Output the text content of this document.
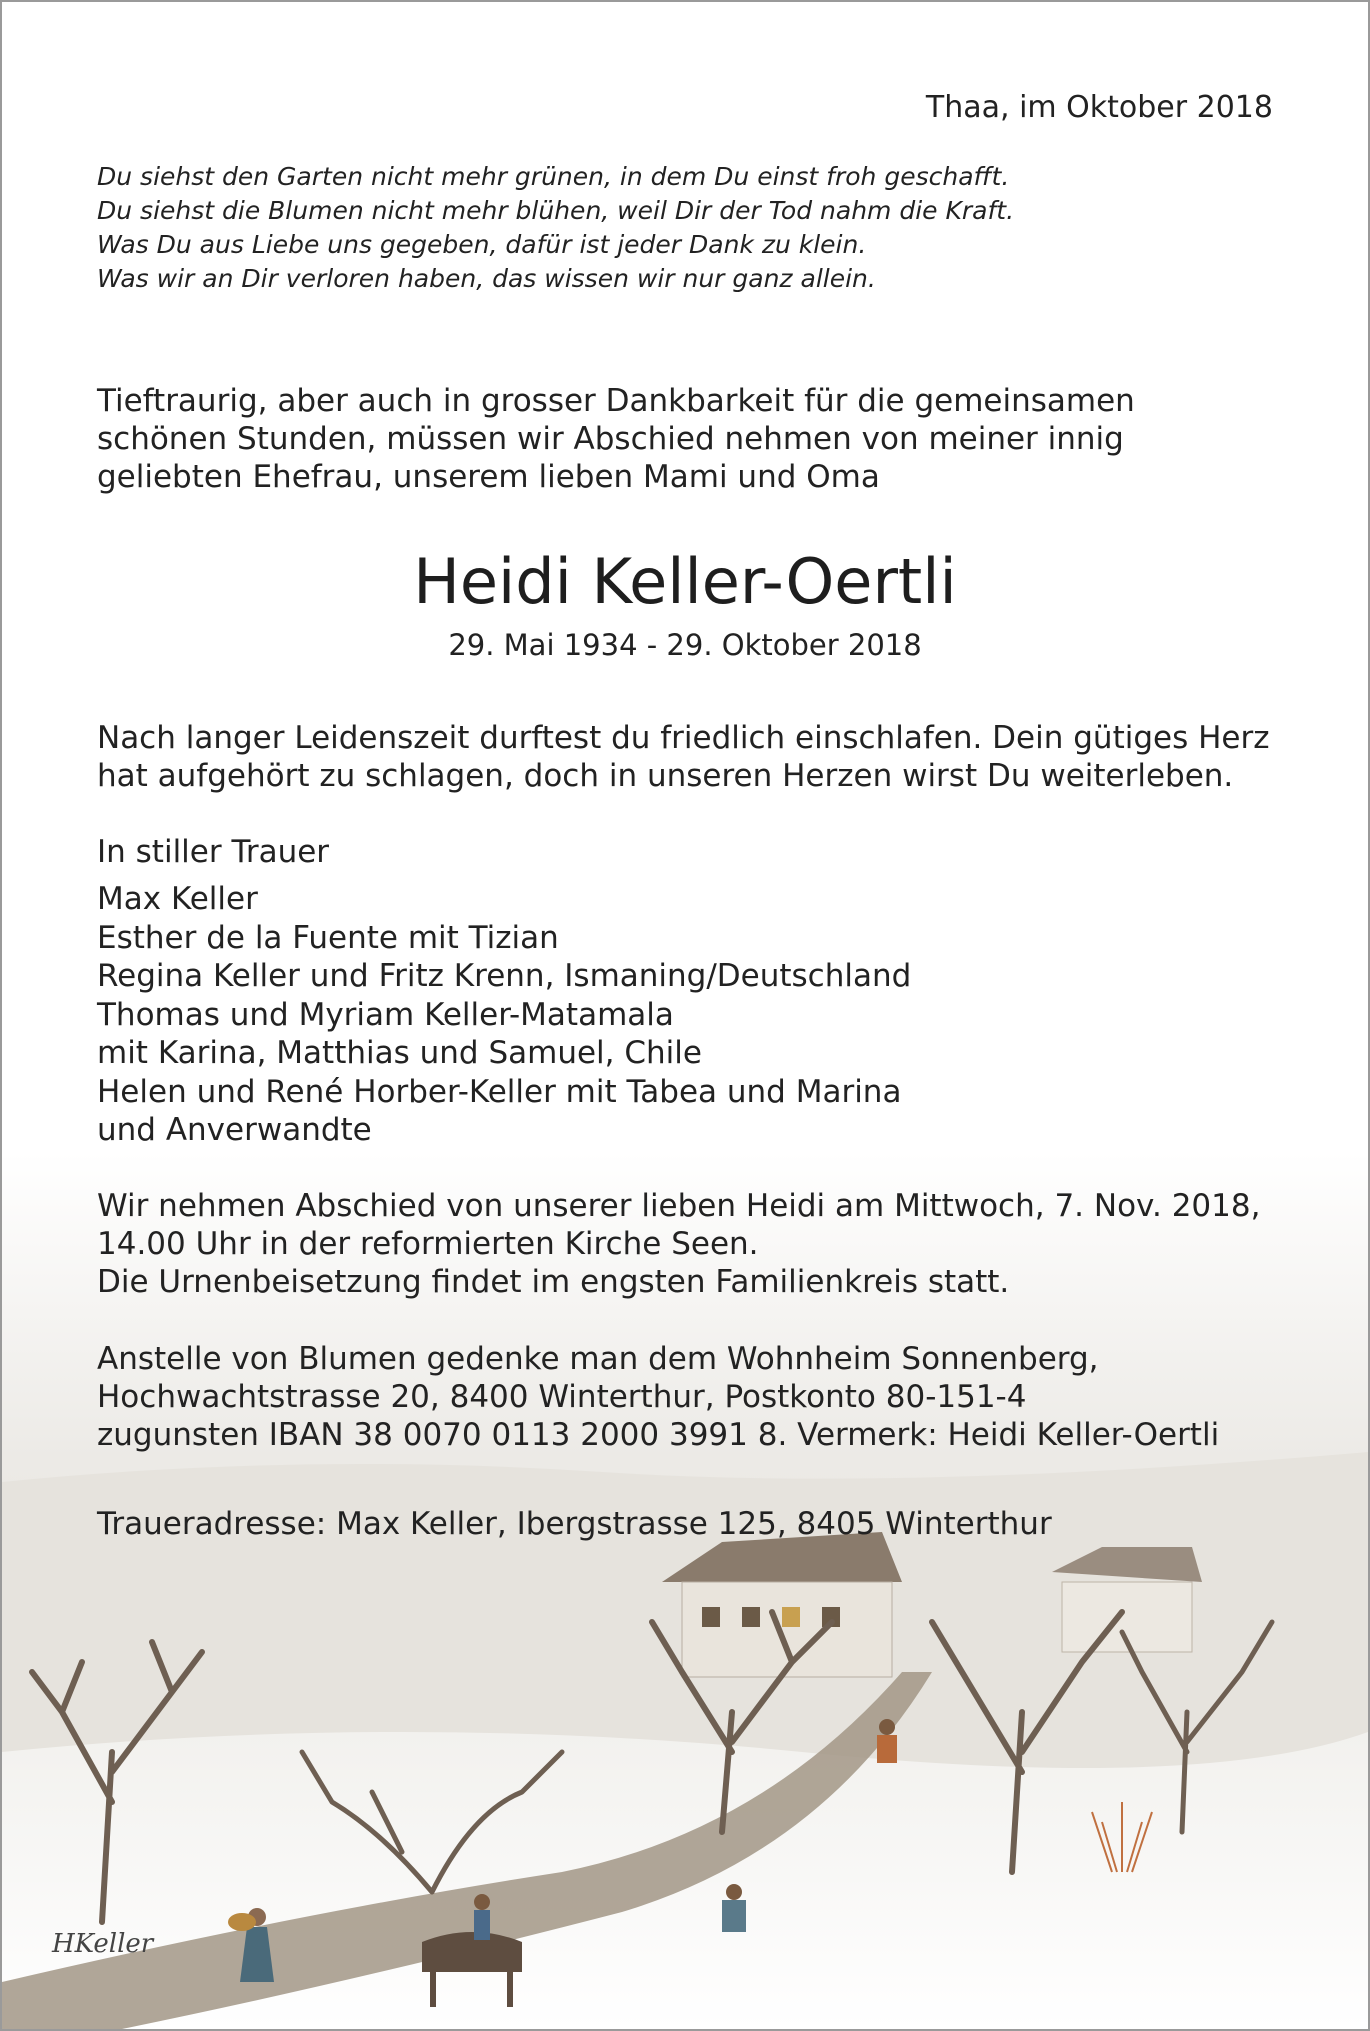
HKeller
Thaa, im Oktober 2018
Du siehst den Garten nicht mehr grünen, in dem Du einst froh geschafft.
Du siehst die Blumen nicht mehr blühen, weil Dir der Tod nahm die Kraft.
Was Du aus Liebe uns gegeben, dafür ist jeder Dank zu klein.
Was wir an Dir verloren haben, das wissen wir nur ganz allein.
Tieftraurig, aber auch in grosser Dankbarkeit für die gemeinsamen
schönen Stunden, müssen wir Abschied nehmen von meiner innig
geliebten Ehefrau, unserem lieben Mami und Oma
Heidi Keller-Oertli
29. Mai 1934 - 29. Oktober 2018
Nach langer Leidenszeit durftest du friedlich einschlafen. Dein gütiges Herz
hat aufgehört zu schlagen, doch in unseren Herzen wirst Du weiterleben.
In stiller Trauer
Max Keller
Esther de la Fuente mit Tizian
Regina Keller und Fritz Krenn, Ismaning/Deutschland
Thomas und Myriam Keller-Matamala
mit Karina, Matthias und Samuel, Chile
Helen und René Horber-Keller mit Tabea und Marina
und Anverwandte
Wir nehmen Abschied von unserer lieben Heidi am Mittwoch, 7. Nov. 2018,
14.00 Uhr in der reformierten Kirche Seen.
Die Urnenbeisetzung findet im engsten Familienkreis statt.
Anstelle von Blumen gedenke man dem Wohnheim Sonnenberg,
Hochwachtstrasse 20, 8400 Winterthur, Postkonto 80-151-4
zugunsten IBAN 38 0070 0113 2000 3991 8. Vermerk: Heidi Keller-Oertli
Traueradresse: Max Keller, Ibergstrasse 125, 8405 Winterthur
